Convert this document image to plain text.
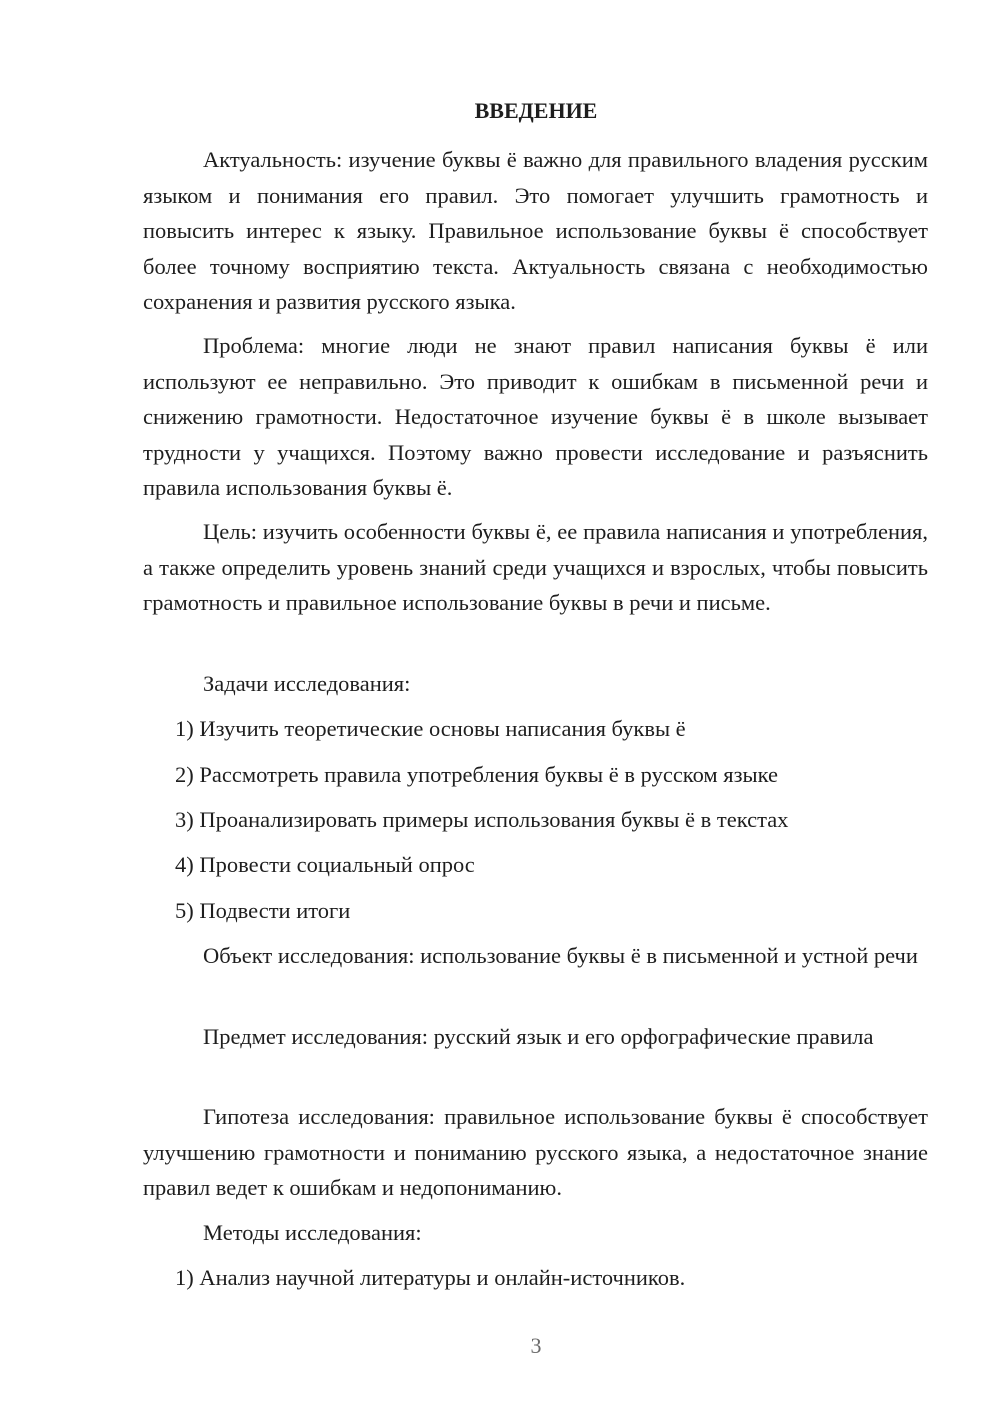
ВВЕДЕНИЕ

Актуальность: изучение буквы ё важно для правильного владения русским языком и понимания его правил. Это помогает улучшить грамотность и повысить интерес к языку. Правильное использование буквы ё способствует более точному восприятию текста. Актуальность связана с необходимостью сохранения и развития русского языка.

Проблема: многие люди не знают правил написания буквы ё или используют ее неправильно. Это приводит к ошибкам в письменной речи и снижению грамотности. Недостаточное изучение буквы ё в школе вызывает трудности у учащихся. Поэтому важно провести исследование и разъяснить правила использования буквы ё.

Цель: изучить особенности буквы ё, ее правила написания и употребления, а также определить уровень знаний среди учащихся и взрослых, чтобы повысить грамотность и правильное использование буквы в речи и письме.

Задачи исследования:

1) Изучить теоретические основы написания буквы ё

2) Рассмотреть правила употребления буквы ё в русском языке

3) Проанализировать примеры использования буквы ё в текстах

4) Провести социальный опрос

5) Подвести итоги

Объект исследования: использование буквы ё в письменной и устной речи

Предмет исследования: русский язык и его орфографические правила

Гипотеза исследования: правильное использование буквы ё способствует улучшению грамотности и пониманию русского языка, а недостаточное знание правил ведет к ошибкам и недопониманию.

Методы исследования:

1) Анализ научной литературы и онлайн-источников.

3
